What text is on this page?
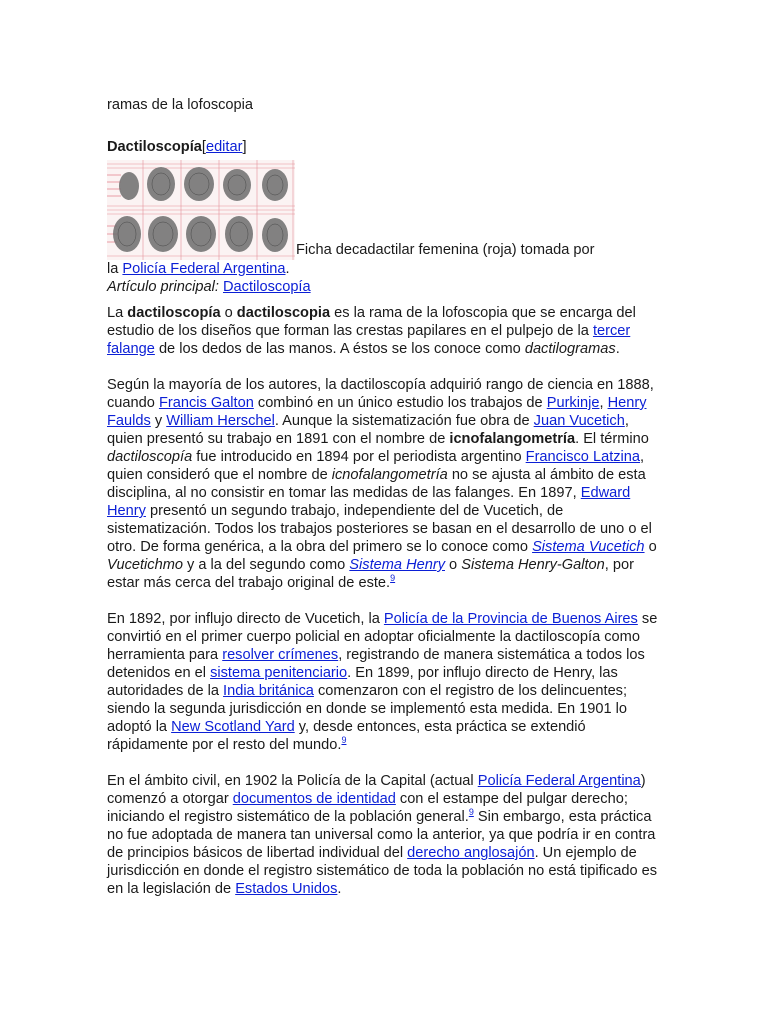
ramas de la lofoscopia
Dactiloscopía[editar]
Ficha decadactilar femenina (roja) tomada por
la Policía Federal Argentina.
Artículo principal: Dactiloscopía

La dactiloscopía o dactiloscopia es la rama de la lofoscopia que se encarga del estudio de los diseños que forman las crestas papilares en el pulpejo de la tercer falange de los dedos de las manos. A éstos se los conoce como dactilogramas.

Según la mayoría de los autores, la dactiloscopía adquirió rango de ciencia en 1888, cuando Francis Galton combinó en un único estudio los trabajos de Purkinje, Henry Faulds y William Herschel. Aunque la sistematización fue obra de Juan Vucetich, quien presentó su trabajo en 1891 con el nombre de icnofalangometría. El término dactiloscopía fue introducido en 1894 por el periodista argentino Francisco Latzina, quien consideró que el nombre de icnofalangometría no se ajusta al ámbito de esta disciplina, al no consistir en tomar las medidas de las falanges. En 1897, Edward Henry presentó un segundo trabajo, independiente del de Vucetich, de sistematización. Todos los trabajos posteriores se basan en el desarrollo de uno o el otro. De forma genérica, a la obra del primero se lo conoce como Sistema Vucetich o Vucetichmo y a la del segundo como Sistema Henry o Sistema Henry-Galton, por estar más cerca del trabajo original de este.$^9$

En 1892, por influjo directo de Vucetich, la Policía de la Provincia de Buenos Aires se convirtió en el primer cuerpo policial en adoptar oficialmente la dactiloscopía como herramienta para resolver crímenes, registrando de manera sistemática a todos los detenidos en el sistema penitenciario. En 1899, por influjo directo de Henry, las autoridades de la India británica comenzaron con el registro de los delincuentes; siendo la segunda jurisdicción en donde se implementó esta medida. En 1901 lo adoptó la New Scotland Yard y, desde entonces, esta práctica se extendió rápidamente por el resto del mundo.$^9$

En el ámbito civil, en 1902 la Policía de la Capital (actual Policía Federal Argentina) comenzó a otorgar documentos de identidad con el estampe del pulgar derecho; iniciando el registro sistemático de la población general.$^9$ Sin embargo, esta práctica no fue adoptada de manera tan universal como la anterior, ya que podría ir en contra de principios básicos de libertad individual del derecho anglosajón. Un ejemplo de jurisdicción en donde el registro sistemático de toda la población no está tipificado es en la legislación de Estados Unidos.
